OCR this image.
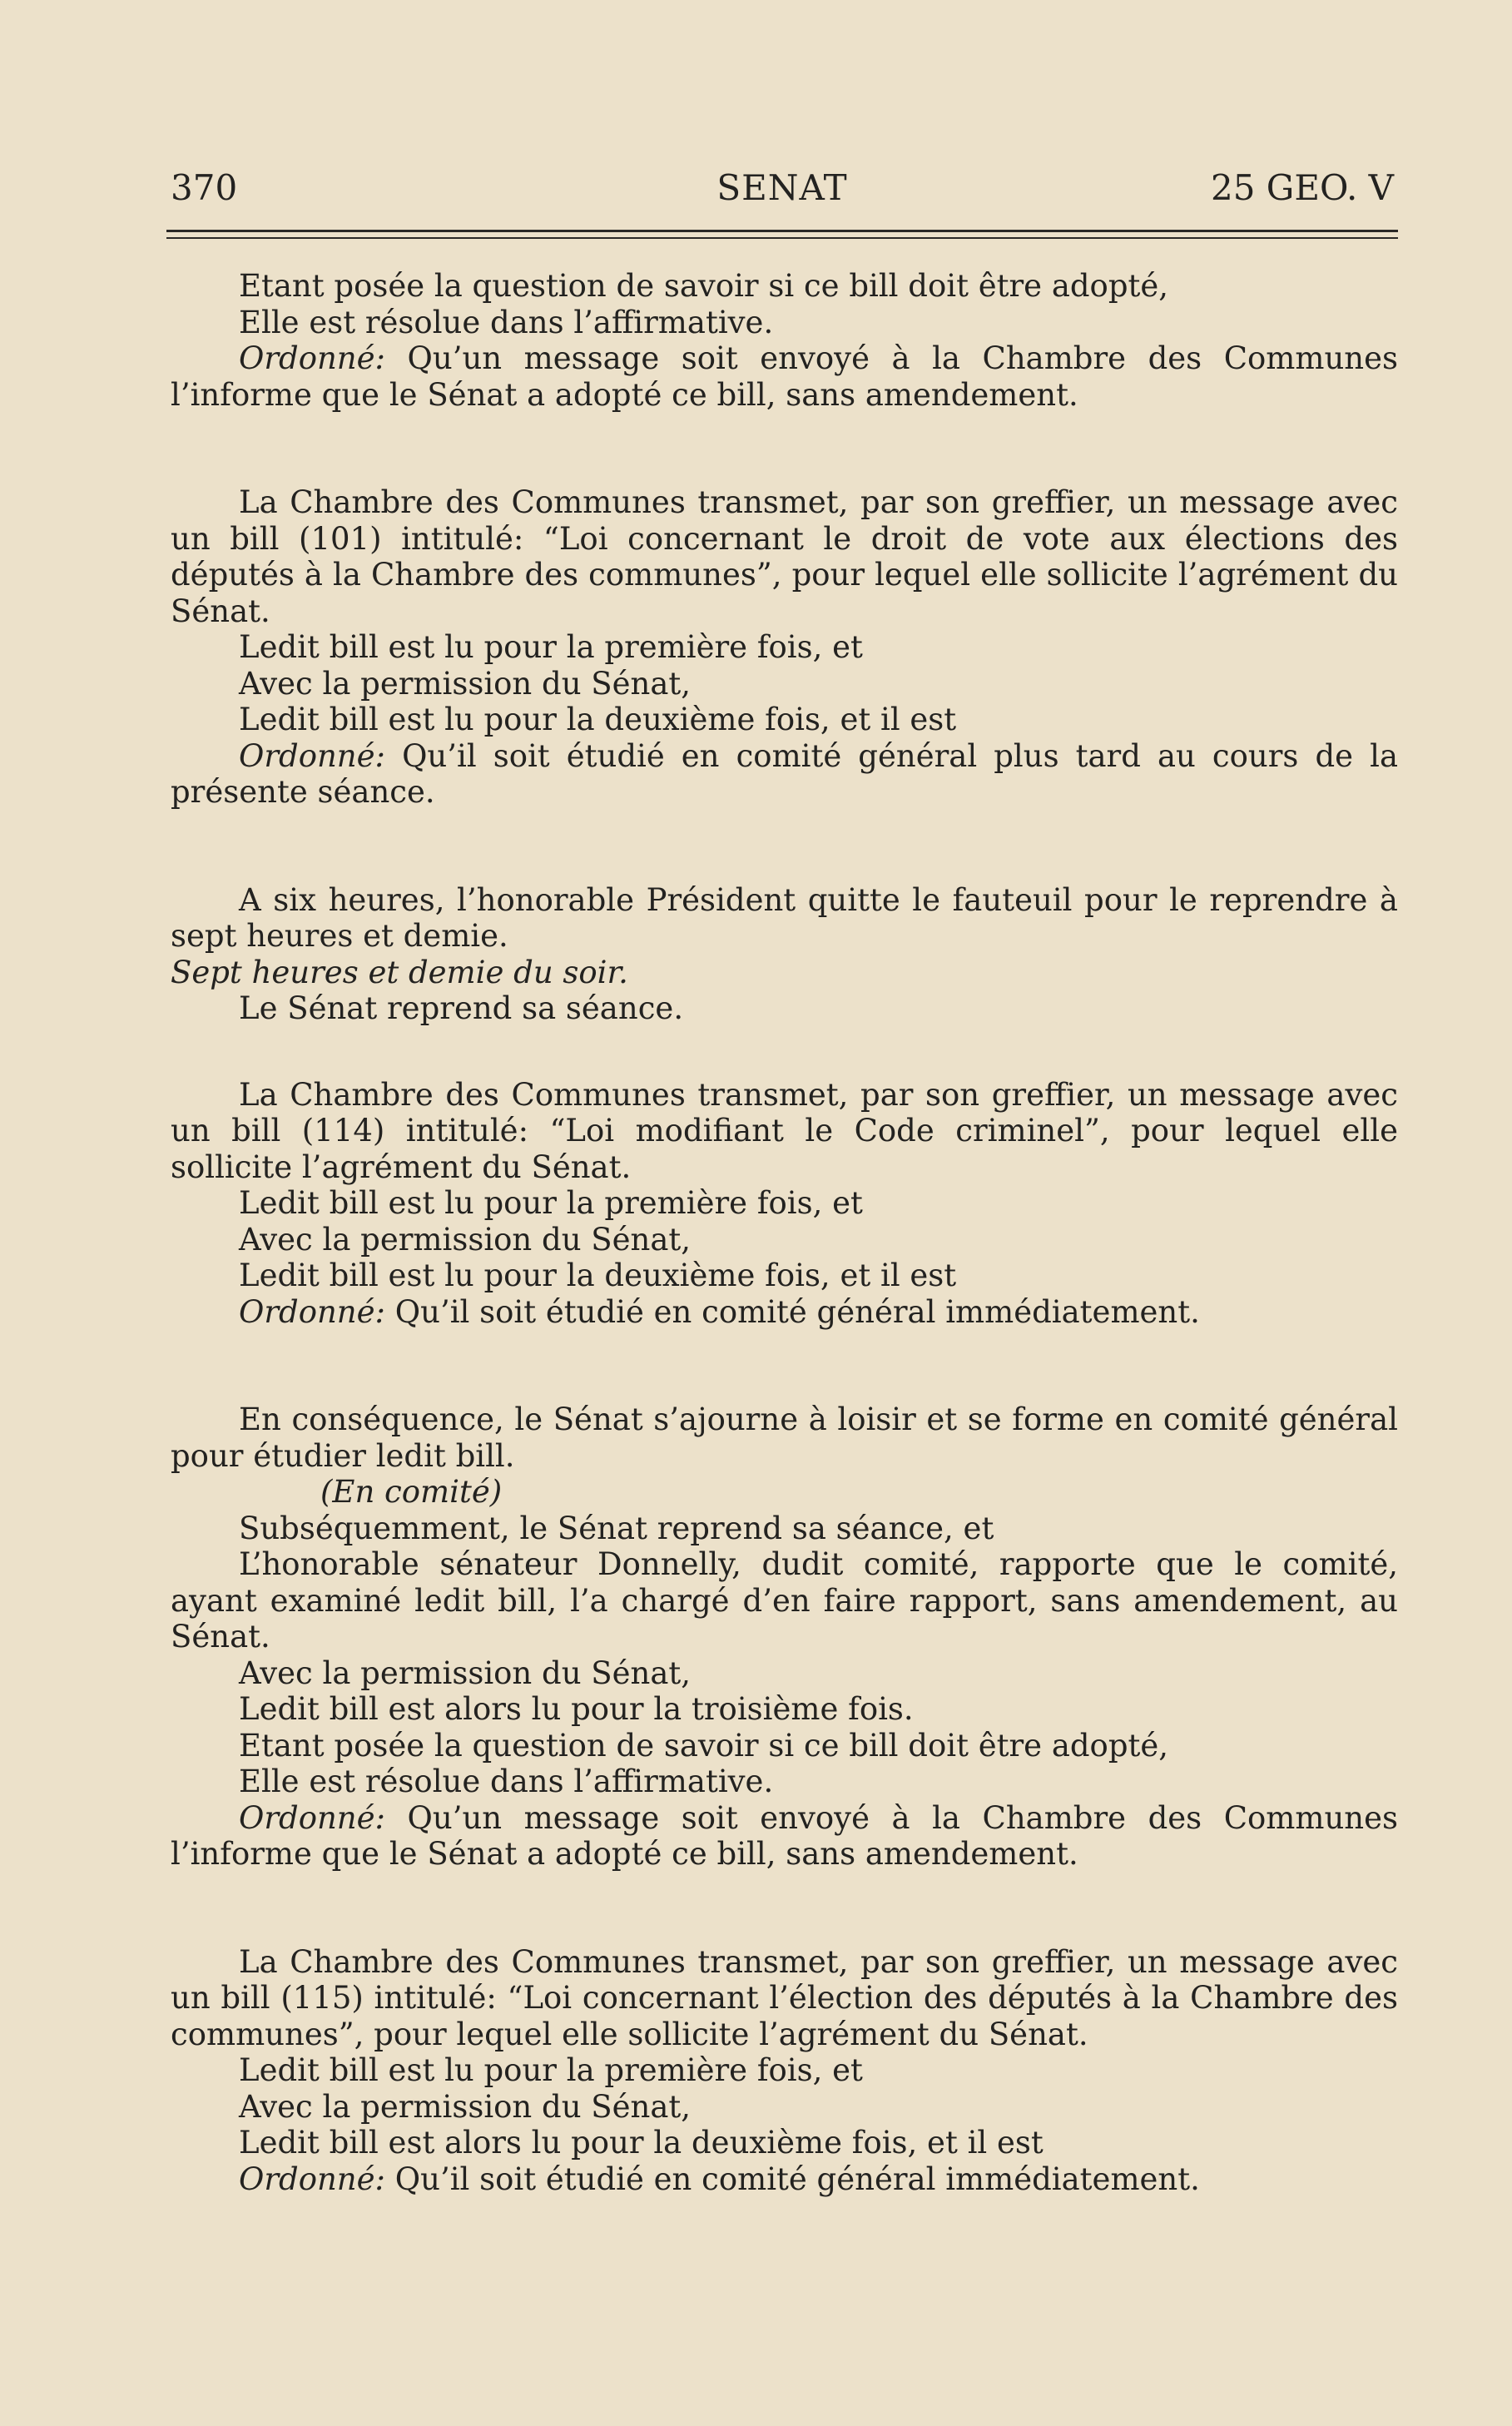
370	SENAT	25 GEO. V

Etant posée la question de savoir si ce bill doit être adopté,

Elle est résolue dans l’affirmative.

Ordonné: Qu’un message soit envoyé à la Chambre des Communes l’informe que le Sénat a adopté ce bill, sans amendement.

La Chambre des Communes transmet, par son greffier, un message avec un bill (101) intitulé: “Loi concernant le droit de vote aux élections des députés à la Chambre des communes”, pour lequel elle sollicite l’agrément du Sénat.

Ledit bill est lu pour la première fois, et

Avec la permission du Sénat,

Ledit bill est lu pour la deuxième fois, et il est

Ordonné: Qu’il soit étudié en comité général plus tard au cours de la présente séance.

A six heures, l’honorable Président quitte le fauteuil pour le reprendre à sept heures et demie.

Sept heures et demie du soir.

Le Sénat reprend sa séance.

La Chambre des Communes transmet, par son greffier, un message avec un bill (114) intitulé: “Loi modifiant le Code criminel”, pour lequel elle sollicite l’agrément du Sénat.

Ledit bill est lu pour la première fois, et

Avec la permission du Sénat,

Ledit bill est lu pour la deuxième fois, et il est

Ordonné: Qu’il soit étudié en comité général immédiatement.

En conséquence, le Sénat s’ajourne à loisir et se forme en comité général pour étudier ledit bill.

(En comité)

Subséquemment, le Sénat reprend sa séance, et

L’honorable sénateur Donnelly, dudit comité, rapporte que le comité, ayant examiné ledit bill, l’a chargé d’en faire rapport, sans amendement, au Sénat.

Avec la permission du Sénat,

Ledit bill est alors lu pour la troisième fois.

Etant posée la question de savoir si ce bill doit être adopté,

Elle est résolue dans l’affirmative.

Ordonné: Qu’un message soit envoyé à la Chambre des Communes l’informe que le Sénat a adopté ce bill, sans amendement.

La Chambre des Communes transmet, par son greffier, un message avec un bill (115) intitulé: “Loi concernant l’élection des députés à la Chambre des communes”, pour lequel elle sollicite l’agrément du Sénat.

Ledit bill est lu pour la première fois, et

Avec la permission du Sénat,

Ledit bill est alors lu pour la deuxième fois, et il est

Ordonné: Qu’il soit étudié en comité général immédiatement.
